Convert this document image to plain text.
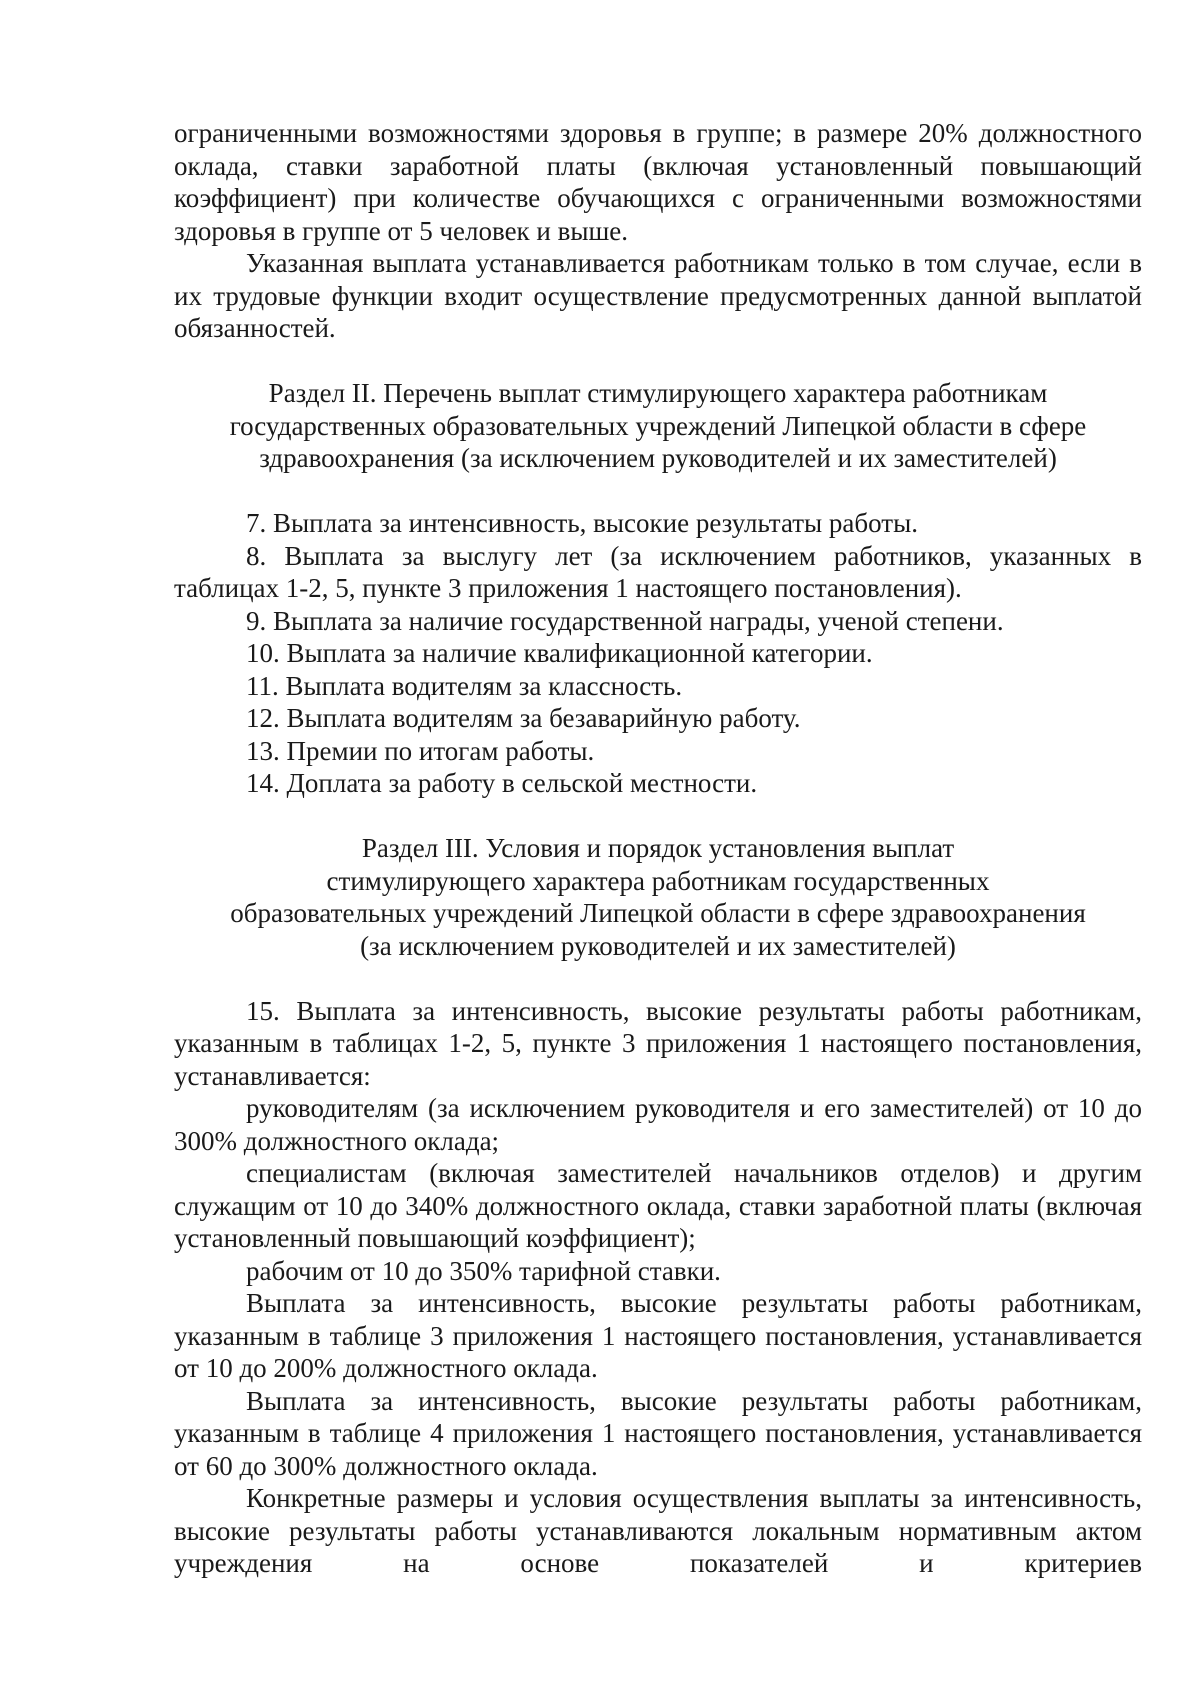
ограниченными возможностями здоровья в группе; в размере 20% должностного оклада, ставки заработной платы (включая установленный повышающий коэффициент) при количестве обучающихся с ограниченными возможностями здоровья в группе от 5 человек и выше.

Указанная выплата устанавливается работникам только в том случае, если в их трудовые функции входит осуществление предусмотренных данной выплатой обязанностей.

Раздел II. Перечень выплат стимулирующего характера работникам
государственных образовательных учреждений Липецкой области в сфере
здравоохранения (за исключением руководителей и их заместителей)

7. Выплата за интенсивность, высокие результаты работы.

8. Выплата за выслугу лет (за исключением работников, указанных в таблицах 1-2, 5, пункте 3 приложения 1 настоящего постановления).

9. Выплата за наличие государственной награды, ученой степени.

10. Выплата за наличие квалификационной категории.

11. Выплата водителям за классность.

12. Выплата водителям за безаварийную работу.

13. Премии по итогам работы.

14. Доплата за работу в сельской местности.

Раздел III. Условия и порядок установления выплат
стимулирующего характера работникам государственных
образовательных учреждений Липецкой области в сфере здравоохранения
(за исключением руководителей и их заместителей)

15. Выплата за интенсивность, высокие результаты работы работникам, указанным в таблицах 1-2, 5, пункте 3 приложения 1 настоящего постановления, устанавливается:

руководителям (за исключением руководителя и его заместителей) от 10 до 300% должностного оклада;

специалистам (включая заместителей начальников отделов) и другим служащим от 10 до 340% должностного оклада, ставки заработной платы (включая установленный повышающий коэффициент);

рабочим от 10 до 350% тарифной ставки.

Выплата за интенсивность, высокие результаты работы работникам, указанным в таблице 3 приложения 1 настоящего постановления, устанавливается от 10 до 200% должностного оклада.

Выплата за интенсивность, высокие результаты работы работникам, указанным в таблице 4 приложения 1 настоящего постановления, устанавливается от 60 до 300% должностного оклада.

Конкретные размеры и условия осуществления выплаты за интенсивность, высокие результаты работы устанавливаются локальным нормативным актом учреждения на основе показателей и критериев
